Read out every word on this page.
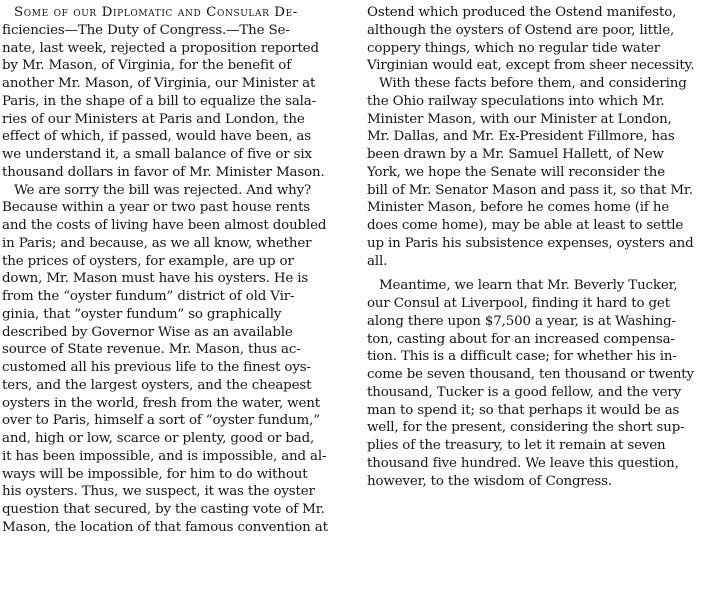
Some of our Diplomatic and Consular De-
ficiencies—The Duty of Congress.—The Se-
nate, last week, rejected a proposition reported
by Mr. Mason, of Virginia, for the benefit of
another Mr. Mason, of Virginia, our Minister at
Paris, in the shape of a bill to equalize the sala-
ries of our Ministers at Paris and London, the
effect of which, if passed, would have been, as
we understand it, a small balance of five or six
thousand dollars in favor of Mr. Minister Mason.
We are sorry the bill was rejected. And why?
Because within a year or two past house rents
and the costs of living have been almost doubled
in Paris; and because, as we all know, whether
the prices of oysters, for example, are up or
down, Mr. Mason must have his oysters. He is
from the “oyster fundum” district of old Vir-
ginia, that “oyster fundum” so graphically
described by Governor Wise as an available
source of State revenue. Mr. Mason, thus ac-
customed all his previous life to the finest oys-
ters, and the largest oysters, and the cheapest
oysters in the world, fresh from the water, went
over to Paris, himself a sort of “oyster fundum,”
and, high or low, scarce or plenty, good or bad,
it has been impossible, and is impossible, and al-
ways will be impossible, for him to do without
his oysters. Thus, we suspect, it was the oyster
question that secured, by the casting vote of Mr.
Mason, the location of that famous convention at
Ostend which produced the Ostend manifesto,
although the oysters of Ostend are poor, little,
coppery things, which no regular tide water
Virginian would eat, except from sheer necessity.
With these facts before them, and considering
the Ohio railway speculations into which Mr.
Minister Mason, with our Minister at London,
Mr. Dallas, and Mr. Ex-President Fillmore, has
been drawn by a Mr. Samuel Hallett, of New
York, we hope the Senate will reconsider the
bill of Mr. Senator Mason and pass it, so that Mr.
Minister Mason, before he comes home (if he
does come home), may be able at least to settle
up in Paris his subsistence expenses, oysters and
all.
Meantime, we learn that Mr. Beverly Tucker,
our Consul at Liverpool, finding it hard to get
along there upon $7,500 a year, is at Washing-
ton, casting about for an increased compensa-
tion. This is a difficult case; for whether his in-
come be seven thousand, ten thousand or twenty
thousand, Tucker is a good fellow, and the very
man to spend it; so that perhaps it would be as
well, for the present, considering the short sup-
plies of the treasury, to let it remain at seven
thousand five hundred. We leave this question,
however, to the wisdom of Congress.
